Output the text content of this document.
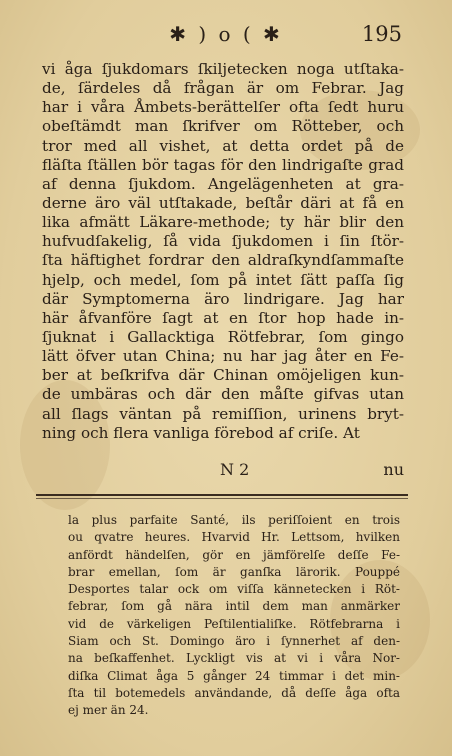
✱ ) o ( ✱	195
vi åga ſjukdomars ſkiljetecken noga utſtaka-
de, ſärdeles då frågan är om Febrar. Jag
har i våra Åmbets-berättelſer ofta ſedt huru
obeſtämdt man ſkrifver om Rötteber, och
tror med all vishet, at detta ordet på de
fläſta ſtällen bör tagas för den lindrigaſte grad
af denna ſjukdom. Angelägenheten at gra-
derne äro väl utſtakade, beſtår däri at få en
lika afmätt Läkare-methode; ty här blir den
hufvudſakelig, ſå vida ſjukdomen i ſin ſtör-
ſta häftighet fordrar den aldraſkyndſammaſte
hjelp, och medel, ſom på intet ſätt paſſa ſig
där Symptomerna äro lindrigare. Jag har
här åfvanföre ſagt at en ſtor hop hade in-
ſjuknat i Gallacktiga Rötfebrar, ſom gingo
lätt öfver utan China; nu har jag åter en Fe-
ber at beſkrifva där Chinan omöjeligen kun-
de umbäras och där den måſte gifvas utan
all ſlags väntan på remiſſion, urinens bryt-
ning och flera vanliga förebod af criſe. At
N 2	nu
la plus parfaite Santé, ils periſſoient en trois
ou qvatre heures. Hvarvid Hr. Lettsom, hvilken
anfördt händelſen, gör en jämförelſe deſſe Fe-
brar emellan, ſom är ganſka lärorik. Pouppé
Desportes talar ock om viſſa kännetecken i Röt-
febrar, ſom gå nära intil dem man anmärker
vid de värkeligen Peſtilentialiſke. Rötfebrarna i
Siam och St. Domingo äro i ſynnerhet af den-
na beſkaffenhet. Lyckligt vis at vi i våra Nor-
diſka Climat åga 5 gånger 24 timmar i det min-
ſta til botemedels användande, då deſſe åga ofta
ej mer än 24.
